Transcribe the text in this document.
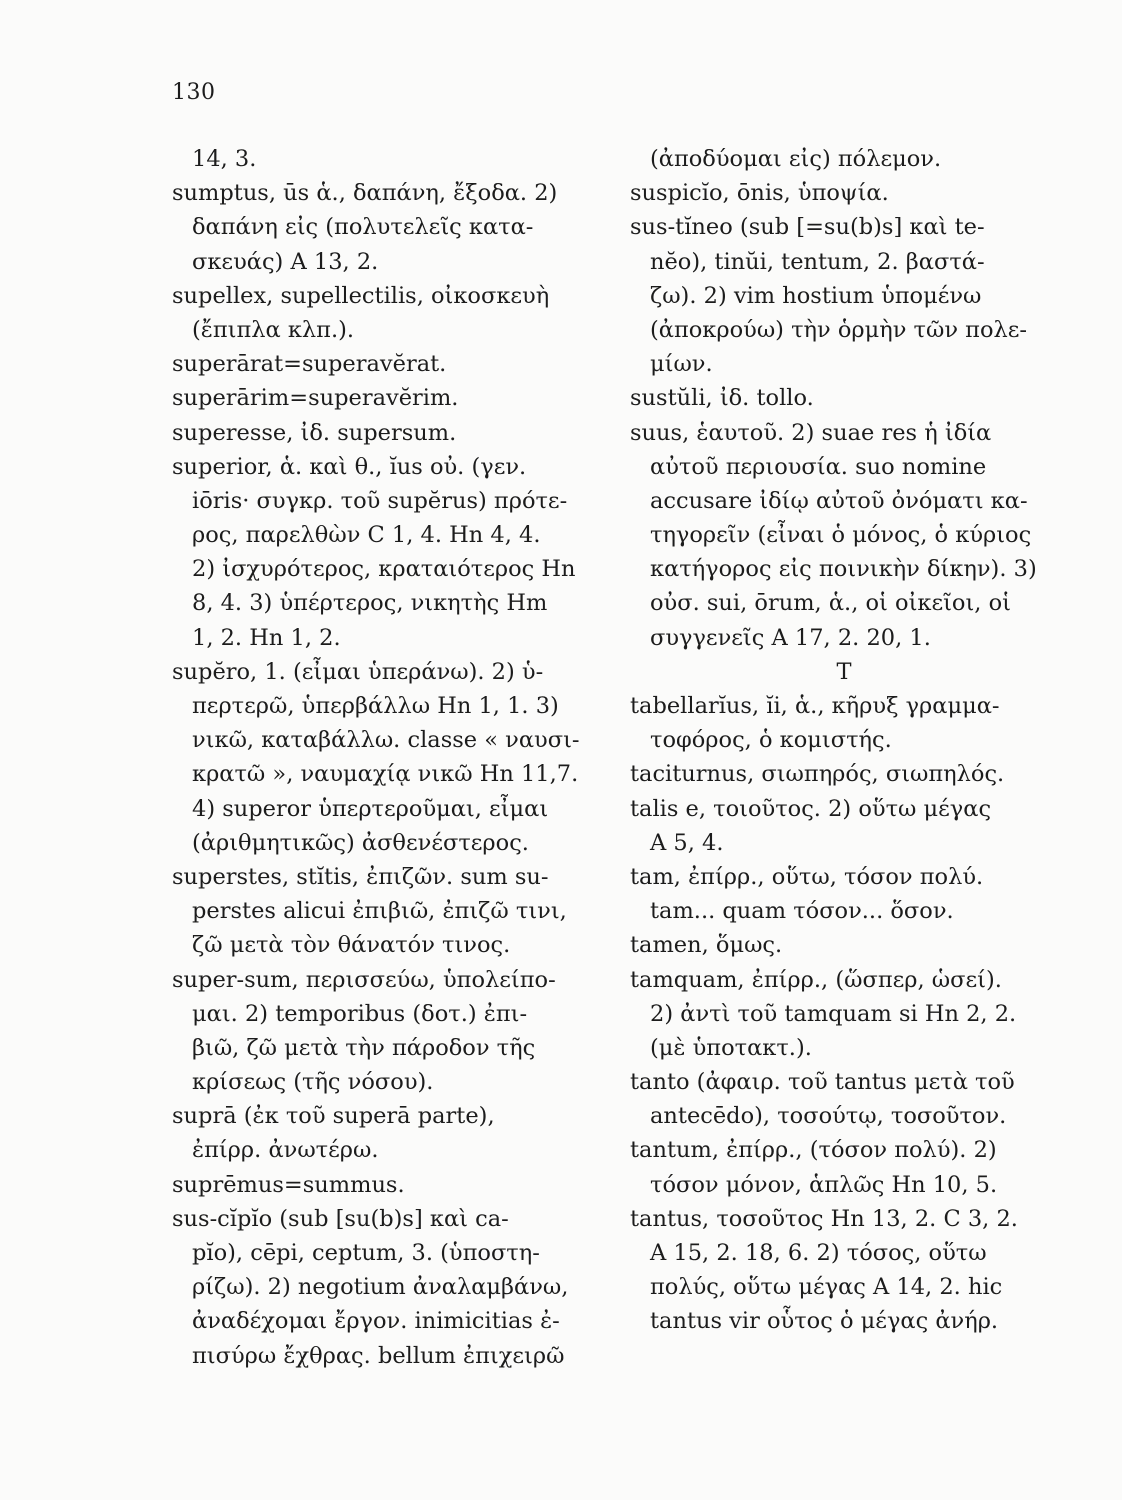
130
14, 3.
sumptus, ūs ἁ., δαπάνη, ἔξοδα. 2)
δαπάνη εἰς (πολυτελεῖς κατα-
σκευάς) A 13, 2.
supellex, supellectilis, οἰκοσκευὴ
(ἔπιπλα κλπ.).
superārat=superavĕrat.
superārim=superavĕrim.
superesse, ἰδ. supersum.
superior, ἁ. καὶ θ., ĭus οὐ. (γεν.
iōris· συγκρ. τοῦ supĕrus) πρότε-
ρος, παρελθὼν C 1, 4. Hn 4, 4.
2) ἰσχυρότερος, κραταιότερος Hn
8, 4. 3) ὑπέρτερος, νικητὴς Hm
1, 2. Hn 1, 2.
supĕro, 1. (εἶμαι ὑπεράνω). 2) ὑ-
περτερῶ, ὑπερβάλλω Hn 1, 1. 3)
νικῶ, καταβάλλω. classe « ναυσι-
κρατῶ », ναυμαχίᾳ νικῶ Hn 11,7.
4) superor ὑπερτεροῦμαι, εἶμαι
(ἀριθμητικῶς) ἀσθενέστερος.
superstes, stĭtis, ἐπιζῶν. sum su-
perstes alicui ἐπιβιῶ, ἐπιζῶ τινι,
ζῶ μετὰ τὸν θάνατόν τινος.
super-sum, περισσεύω, ὑπολείπο-
μαι. 2) temporibus (δοτ.) ἐπι-
βιῶ, ζῶ μετὰ τὴν πάροδον τῆς
κρίσεως (τῆς νόσου).
suprā (ἐκ τοῦ superā parte),
ἐπίρρ. ἀνωτέρω.
suprēmus=summus.
sus-cĭpĭo (sub [su(b)s] καὶ ca-
pĭo), cēpi, ceptum, 3. (ὑποστη-
ρίζω). 2) negotium ἀναλαμβάνω,
ἀναδέχομαι ἔργον. inimicitias ἐ-
πισύρω ἔχθρας. bellum ἐπιχειρῶ
(ἀποδύομαι εἰς) πόλεμον.
suspicĭo, ōnis, ὑποψία.
sus-tĭneo (sub [=su(b)s] καὶ te-
nĕo), tinŭi, tentum, 2. βαστά-
ζω). 2) vim hostium ὑπομένω
(ἀποκρούω) τὴν ὁρμὴν τῶν πολε-
μίων.
sustŭli, ἰδ. tollo.
suus, ἑαυτοῦ. 2) suae res ἡ ἰδία
αὐτοῦ περιουσία. suo nomine
accusare ἰδίῳ αὐτοῦ ὀνόματι κα-
τηγορεῖν (εἶναι ὁ μόνος, ὁ κύριος
κατήγορος εἰς ποινικὴν δίκην). 3)
οὐσ. sui, ōrum, ἁ., οἱ οἰκεῖοι, οἱ
συγγενεῖς A 17, 2. 20, 1.
T
tabellarĭus, ĭi, ἁ., κῆρυξ γραμμα-
τοφόρος, ὁ κομιστής.
taciturnus, σιωπηρός, σιωπηλός.
talis e, τοιοῦτος. 2) οὕτω μέγας
A 5, 4.
tam, ἐπίρρ., οὕτω, τόσον πολύ.
tam... quam τόσον... ὅσον.
tamen, ὅμως.
tamquam, ἐπίρρ., (ὥσπερ, ὡσεί).
2) ἀντὶ τοῦ tamquam si Hn 2, 2.
(μὲ ὑποτακτ.).
tanto (ἀφαιρ. τοῦ tantus μετὰ τοῦ
antecēdo), τοσούτῳ, τοσοῦτον.
tantum, ἐπίρρ., (τόσον πολύ). 2)
τόσον μόνον, ἁπλῶς Hn 10, 5.
tantus, τοσοῦτος Hn 13, 2. C 3, 2.
A 15, 2. 18, 6. 2) τόσος, οὕτω
πολύς, οὕτω μέγας A 14, 2. hic
tantus vir οὗτος ὁ μέγας ἀνήρ.
